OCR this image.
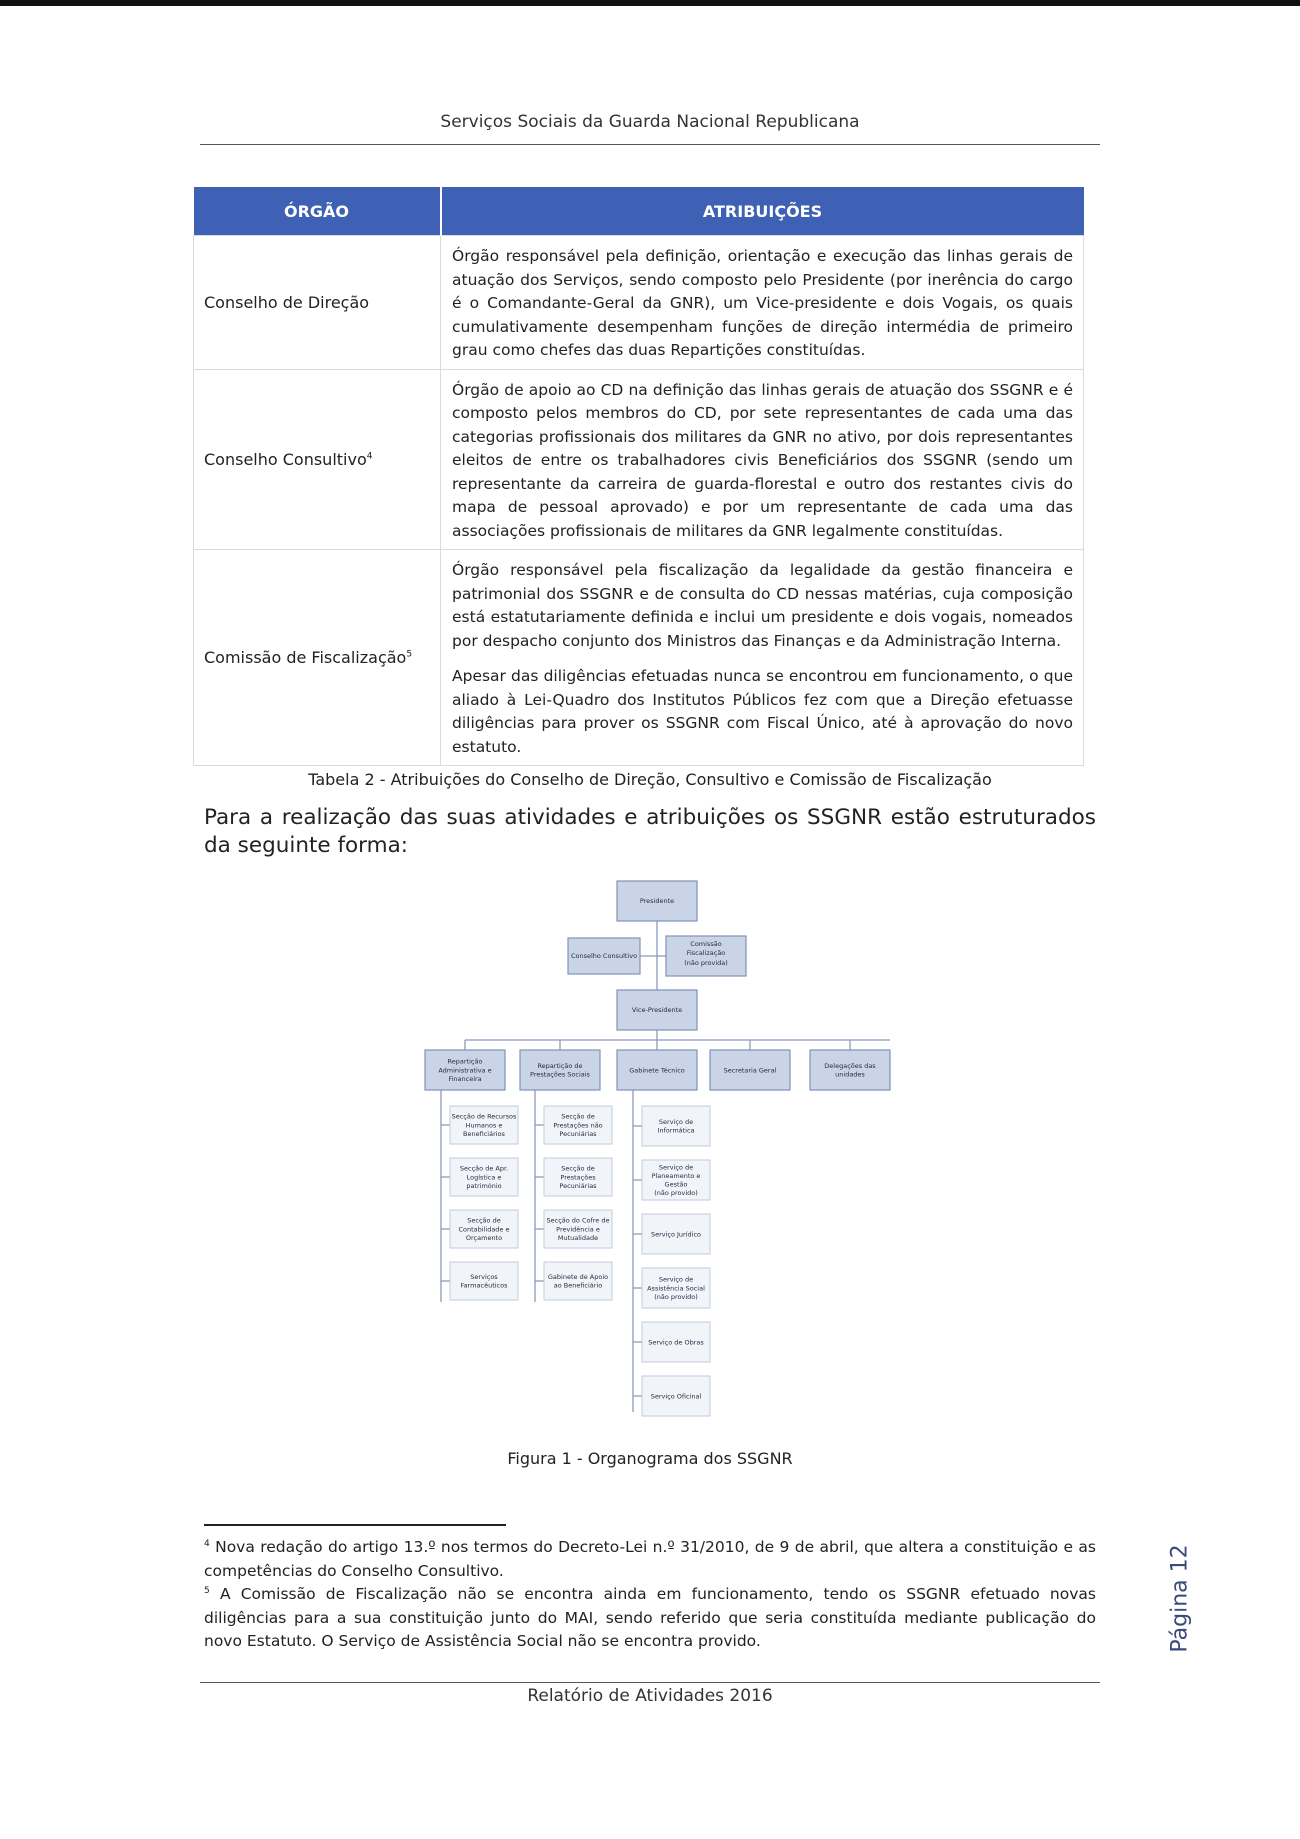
Serviços Sociais da Guarda Nacional Republicana
ÓRGÃO	ATRIBUIÇÕES
Conselho de Direção	Órgão responsável pela definição, orientação e execução das linhas gerais de atuação dos Serviços, sendo composto pelo Presidente (por inerência do cargo é o Comandante-Geral da GNR), um Vice-presidente e dois Vogais, os quais cumulativamente desempenham funções de direção intermédia de primeiro grau como chefes das duas Repartições constituídas.

Conselho Consultivo$^4$	Órgão de apoio ao CD na definição das linhas gerais de atuação dos SSGNR e é composto pelos membros do CD, por sete representantes de cada uma das categorias profissionais dos militares da GNR no ativo, por dois representantes eleitos de entre os trabalhadores civis Beneficiários dos SSGNR (sendo um representante da carreira de guarda-florestal e outro dos restantes civis do mapa de pessoal aprovado) e por um representante de cada uma das associações profissionais de militares da GNR legalmente constituídas.

Comissão de Fiscalização$^5$	Órgão responsável pela fiscalização da legalidade da gestão financeira e patrimonial dos SSGNR e de consulta do CD nessas matérias, cuja composição está estatutariamente definida e inclui um presidente e dois vogais, nomeados por despacho conjunto dos Ministros das Finanças e da Administração Interna.

Apesar das diligências efetuadas nunca se encontrou em funcionamento, o que aliado à Lei-Quadro dos Institutos Públicos fez com que a Direção efetuasse diligências para prover os SSGNR com Fiscal Único, até à aprovação do novo estatuto.

Tabela 2 - Atribuições do Conselho de Direção, Consultivo e Comissão de Fiscalização
Para a realização das suas atividades e atribuições os SSGNR estão estruturados da seguinte forma:
Presidente
Conselho Consultivo
Comissão
Fiscalização
(não provida)
Vice-Presidente
Repartição
Administrativa e
Financeira
Repartição de
Prestações Sociais
Gabinete Técnico	Secretaria Geral
Delegações das
unidades
Secção de Recursos
Humanos e
Beneficiários
Secção de Apr.
Logística e
património
Secção de
Contabilidade e
Orçamento
Serviços
Farmacêuticos
Secção de
Prestações não
Pecuniárias
Secção de
Prestações
Pecuniárias
Secção do Cofre de
Previdência e
Mutualidade
Gabinete de Apoio
ao Beneficiário
Serviço de
Informática
Serviço de
Planeamento e
Gestão
(não provido)
Serviço Jurídico
Serviço de
Assistência Social
(não provido)
Serviço de Obras
Serviço Oficinal
Figura 1 - Organograma dos SSGNR
$^4$ Nova redação do artigo 13.º nos termos do Decreto-Lei n.º 31/2010, de 9 de abril, que altera a constituição e as competências do Conselho Consultivo.
$^5$ A Comissão de Fiscalização não se encontra ainda em funcionamento, tendo os SSGNR efetuado novas diligências para a sua constituição junto do MAI, sendo referido que seria constituída mediante publicação do novo Estatuto. O Serviço de Assistência Social não se encontra provido.
Relatório de Atividades 2016
Página 12
